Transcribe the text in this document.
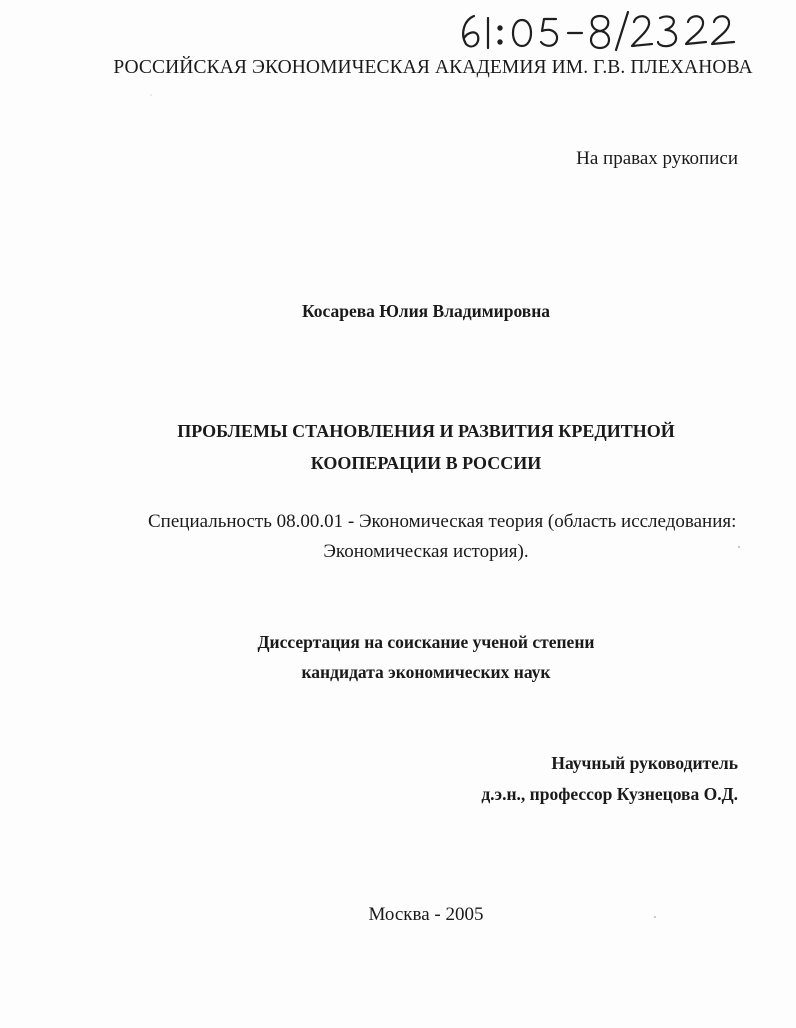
РОССИЙСКАЯ ЭКОНОМИЧЕСКАЯ АКАДЕМИЯ ИМ. Г.В. ПЛЕХАНОВА
На правах рукописи
Косарева Юлия Владимировна
ПРОБЛЕМЫ СТАНОВЛЕНИЯ И РАЗВИТИЯ КРЕДИТНОЙ
КООПЕРАЦИИ В РОССИИ
Специальность 08.00.01 - Экономическая теория (область исследования:
Экономическая история).
Диссертация на соискание ученой степени
кандидата экономических наук
Научный руководитель
д.э.н., профессор Кузнецова О.Д.
Москва - 2005
